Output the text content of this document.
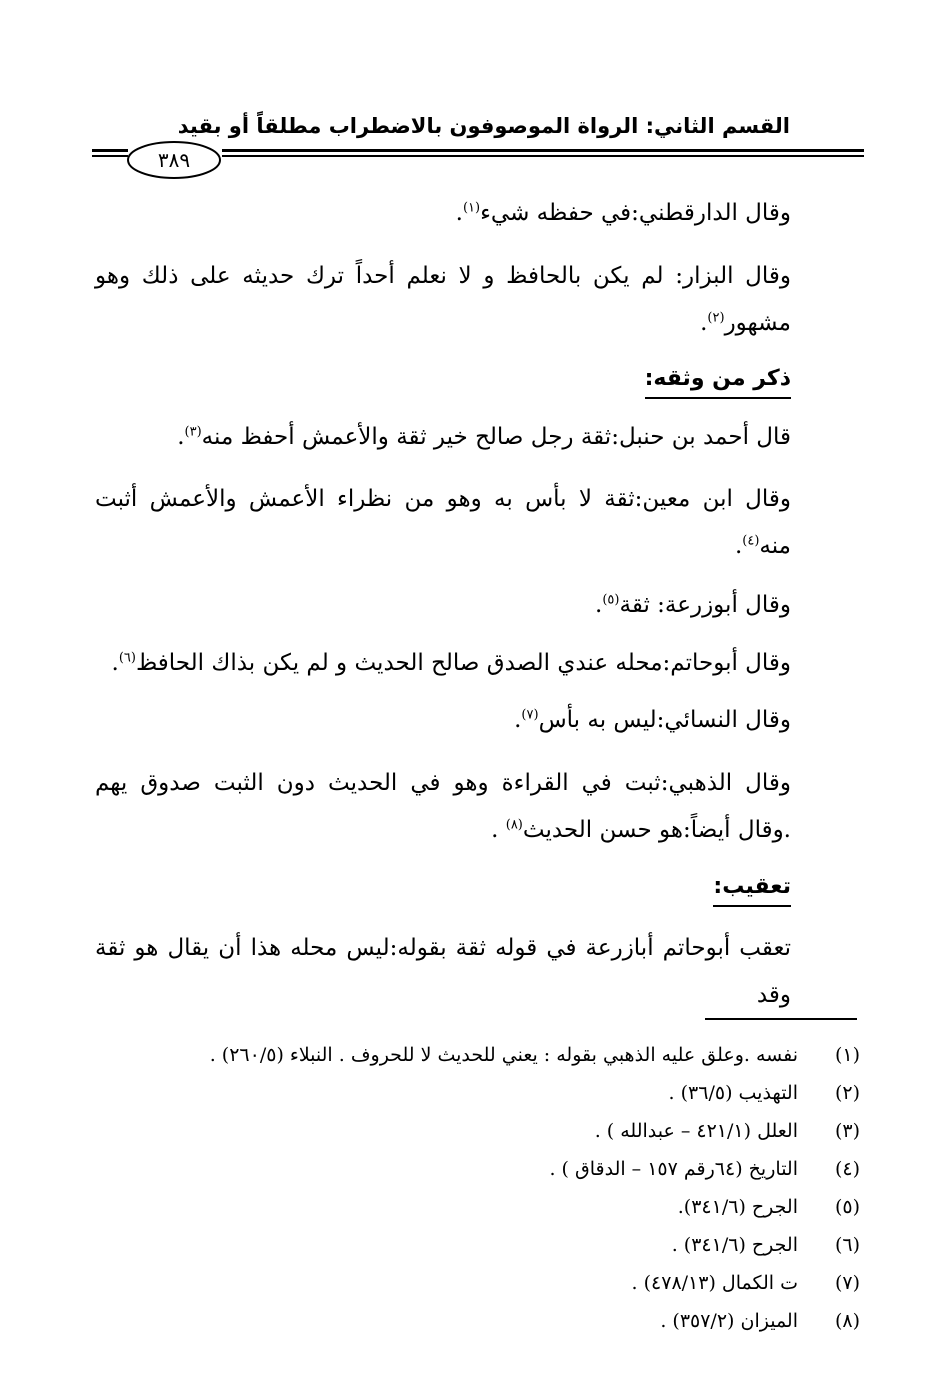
القسم الثاني: الرواة الموصوفون بالاضطراب مطلقاً أو بقيد
٣٨٩
وقال الدارقطني:في حفظه شيء$^{(١)}$.
وقال البزار: لم يكن بالحافظ و لا نعلم أحداً ترك حديثه على ذلك وهو مشهور$^{(٢)}$.
ذكر من وثقه:
قال أحمد بن حنبل:ثقة رجل صالح خير ثقة والأعمش أحفظ منه$^{(٣)}$.
وقال ابن معين:ثقة لا بأس به وهو من نظراء الأعمش والأعمش أثبت منه$^{(٤)}$.
وقال أبوزرعة: ثقة$^{(٥)}$.
وقال أبوحاتم:محله عندي الصدق صالح الحديث و لم يكن بذاك الحافظ$^{(٦)}$.
وقال النسائي:ليس به بأس$^{(٧)}$.
وقال الذهبي:ثبت في القراءة وهو في الحديث دون الثبت صدوق يهم .وقال أيضاً:هو حسن الحديث$^{(٨)}$ .
تعقيب:
تعقب أبوحاتم أبازرعة في قوله ثقة بقوله:ليس محله هذا أن يقال هو ثقة وقد
(١)
نفسه .وعلق عليه الذهبي بقوله : يعني للحديث لا للحروف . النبلاء (٢٦٠/٥) .
(٢)
التهذيب (٣٦/٥) .
(٣)
العلل (٤٢١/١ – عبدالله ) .
(٤)
التاريخ (٦٤رقم ١٥٧ – الدقاق ) .
(٥)
الجرح (٣٤١/٦).
(٦)
الجرح (٣٤١/٦) .
(٧)
ت الكمال (٤٧٨/١٣) .
(٨)
الميزان (٣٥٧/٢) .
